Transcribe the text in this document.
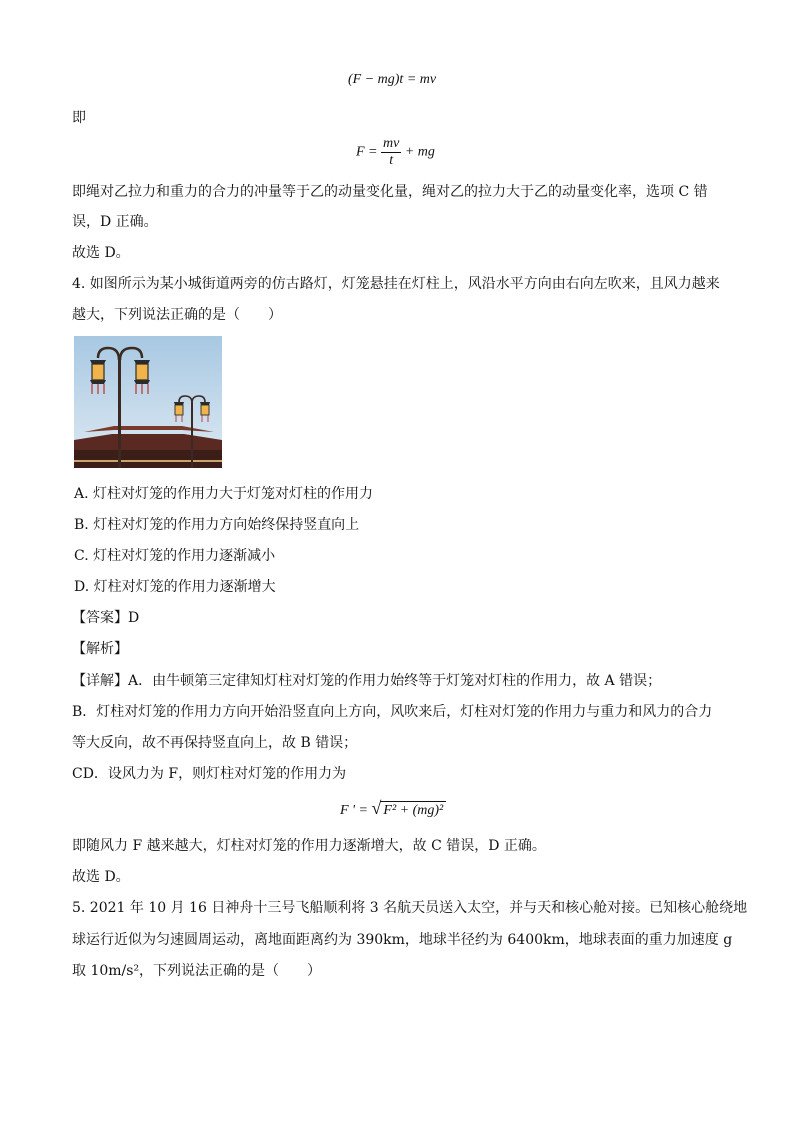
(F − mg)t = mv
即
$F = \frac{mv}{t}$ + mg
即绳对乙拉力和重力的合力的冲量等于乙的动量变化量，绳对乙的拉力大于乙的动量变化率，选项 C 错
误，D 正确。
故选 D。
4. 如图所示为某小城街道两旁的仿古路灯，灯笼悬挂在灯柱上，风沿水平方向由右向左吹来，且风力越来
越大，下列说法正确的是（　　）
A. 灯柱对灯笼的作用力大于灯笼对灯柱的作用力
B. 灯柱对灯笼的作用力方向始终保持竖直向上
C. 灯柱对灯笼的作用力逐渐减小
D. 灯柱对灯笼的作用力逐渐增大
【答案】D
【解析】
【详解】A．由牛顿第三定律知灯柱对灯笼的作用力始终等于灯笼对灯柱的作用力，故 A 错误；
B．灯柱对灯笼的作用力方向开始沿竖直向上方向，风吹来后，灯柱对灯笼的作用力与重力和风力的合力
等大反向，故不再保持竖直向上，故 B 错误；
CD．设风力为 F，则灯柱对灯笼的作用力为
F ' = √ F² + (mg)²
即随风力 F 越来越大，灯柱对灯笼的作用力逐渐增大，故 C 错误，D 正确。
故选 D。
5. 2021 年 10 月 16 日神舟十三号飞船顺利将 3 名航天员送入太空，并与天和核心舱对接。已知核心舱绕地
球运行近似为匀速圆周运动，离地面距离约为 390km，地球半径约为 6400km，地球表面的重力加速度 g
取 10m/s²，下列说法正确的是（　　）
